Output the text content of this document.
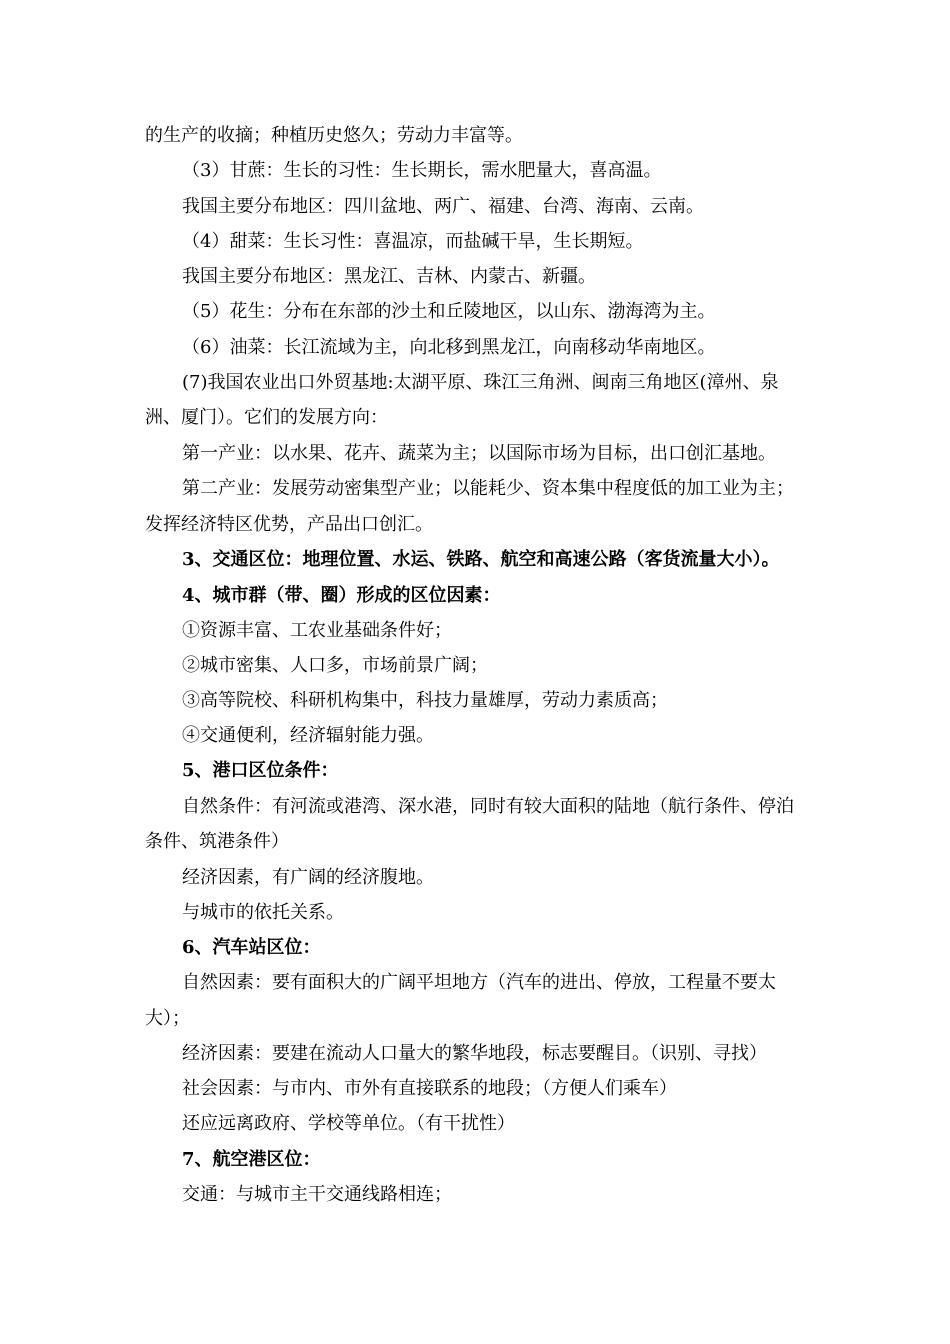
的生产的收摘；种植历史悠久；劳动力丰富等。
（3）甘蔗：生长的习性：生长期长，需水肥量大，喜高温。
我国主要分布地区：四川盆地、两广、福建、台湾、海南、云南。
（4）甜菜：生长习性：喜温凉，而盐碱干旱，生长期短。
我国主要分布地区：黑龙江、吉林、内蒙古、新疆。
（5）花生：分布在东部的沙土和丘陵地区，以山东、渤海湾为主。
（6）油菜：长江流域为主，向北移到黑龙江，向南移动华南地区。
(7)我国农业出口外贸基地:太湖平原、珠江三角洲、闽南三角地区(漳州、泉
洲、厦门）。它们的发展方向：
第一产业：以水果、花卉、蔬菜为主；以国际市场为目标，出口创汇基地。
第二产业：发展劳动密集型产业；以能耗少、资本集中程度低的加工业为主；
发挥经济特区优势，产品出口创汇。
3、交通区位：地理位置、水运、铁路、航空和高速公路（客货流量大小）。
4、城市群（带、圈）形成的区位因素：
①资源丰富、工农业基础条件好；
②城市密集、人口多，市场前景广阔；
③高等院校、科研机构集中，科技力量雄厚，劳动力素质高；
④交通便利，经济辐射能力强。
5、港口区位条件：
自然条件：有河流或港湾、深水港，同时有较大面积的陆地（航行条件、停泊
条件、筑港条件）
经济因素，有广阔的经济腹地。
与城市的依托关系。
6、汽车站区位：
自然因素：要有面积大的广阔平坦地方（汽车的进出、停放，工程量不要太
大）；
经济因素：要建在流动人口量大的繁华地段，标志要醒目。（识别、寻找）
社会因素：与市内、市外有直接联系的地段；（方便人们乘车）
还应远离政府、学校等单位。（有干扰性）
7、航空港区位：
交通：与城市主干交通线路相连；
